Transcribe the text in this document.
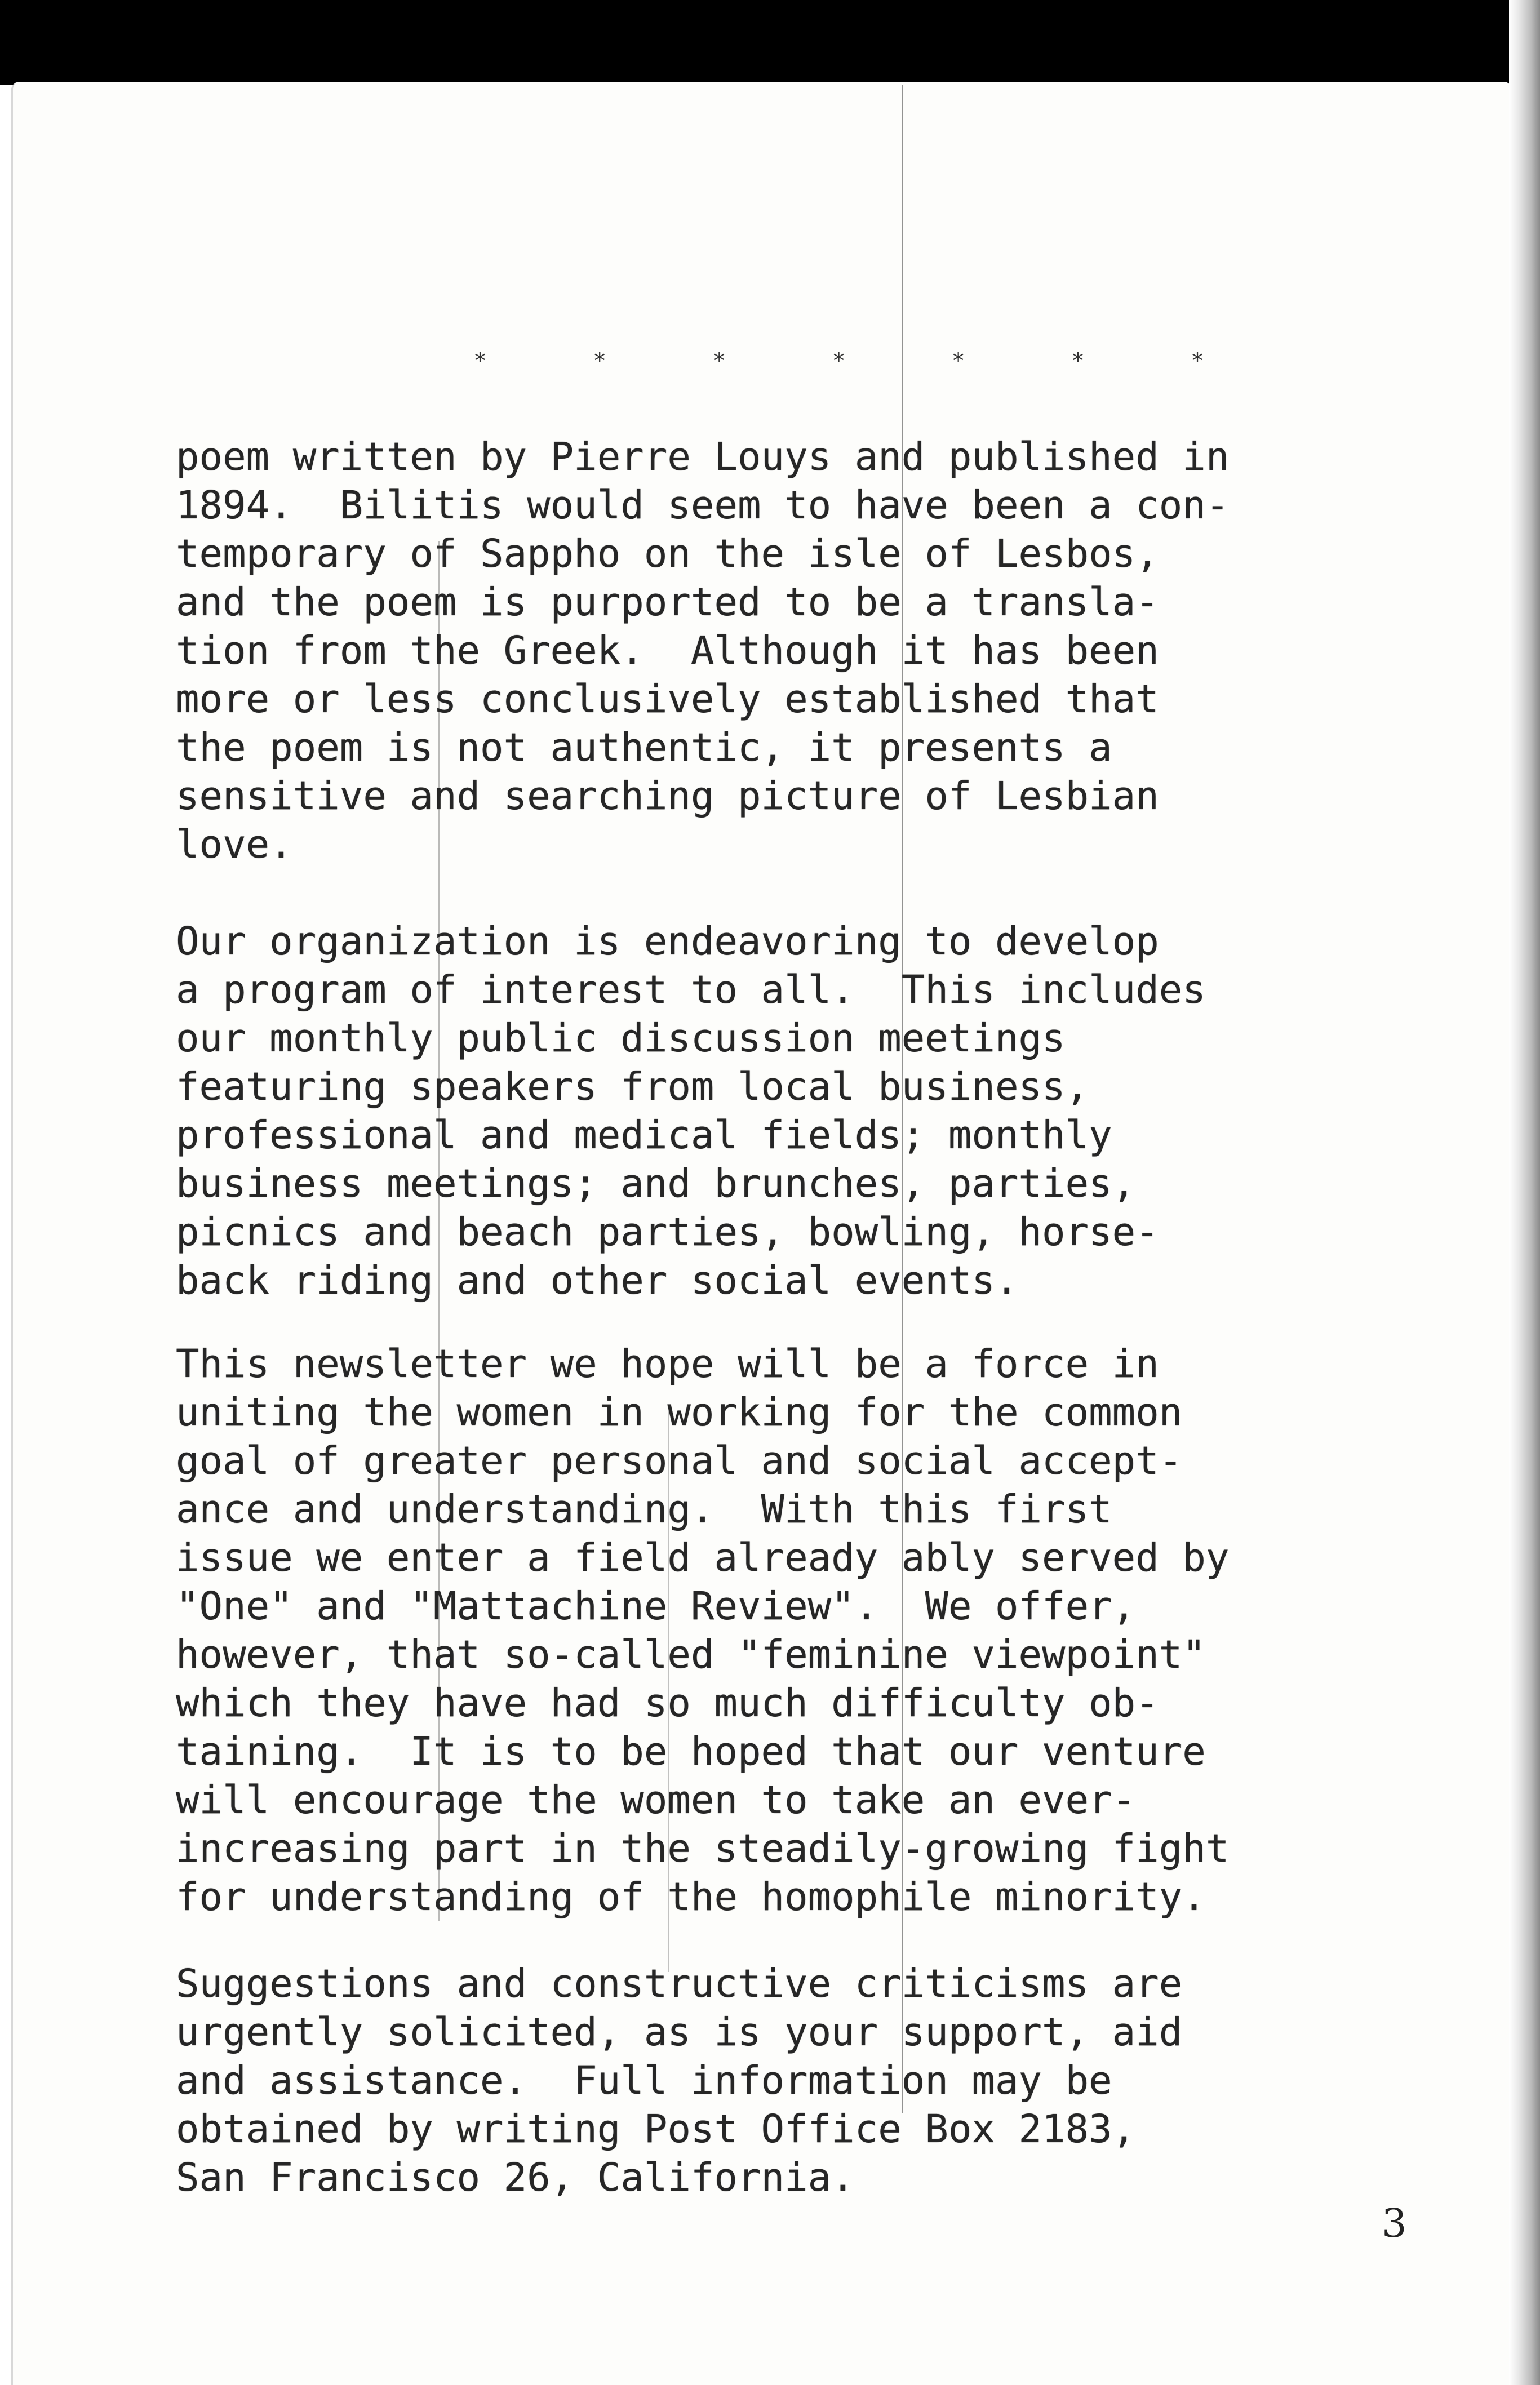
* * * * * * *
poem written by Pierre Louys and published in
1894.  Bilitis would seem to have been a con-
temporary of Sappho on the isle of Lesbos,
and the poem is purported to be a transla-
tion from the Greek.  Although it has been
more or less conclusively established that
the poem is not authentic, it presents a
sensitive and searching picture of Lesbian
love.
Our organization is endeavoring to develop
a program of interest to all.  This includes
our monthly public discussion meetings
featuring speakers from local business,
professional and medical fields; monthly
business meetings; and brunches, parties,
picnics and beach parties, bowling, horse-
back riding and other social events.
This newsletter we hope will be a force in
uniting the women in working for the common
goal of greater personal and social accept-
ance and understanding.  With this first
issue we enter a field already ably served by
"One" and "Mattachine Review".  We offer,
however, that so-called "feminine viewpoint"
which they have had so much difficulty ob-
taining.  It is to be hoped that our venture
will encourage the women to take an ever-
increasing part in the steadily-growing fight
for understanding of the homophile minority.
Suggestions and constructive criticisms are
urgently solicited, as is your support, aid
and assistance.  Full information may be
obtained by writing Post Office Box 2183,
San Francisco 26, California.
3
